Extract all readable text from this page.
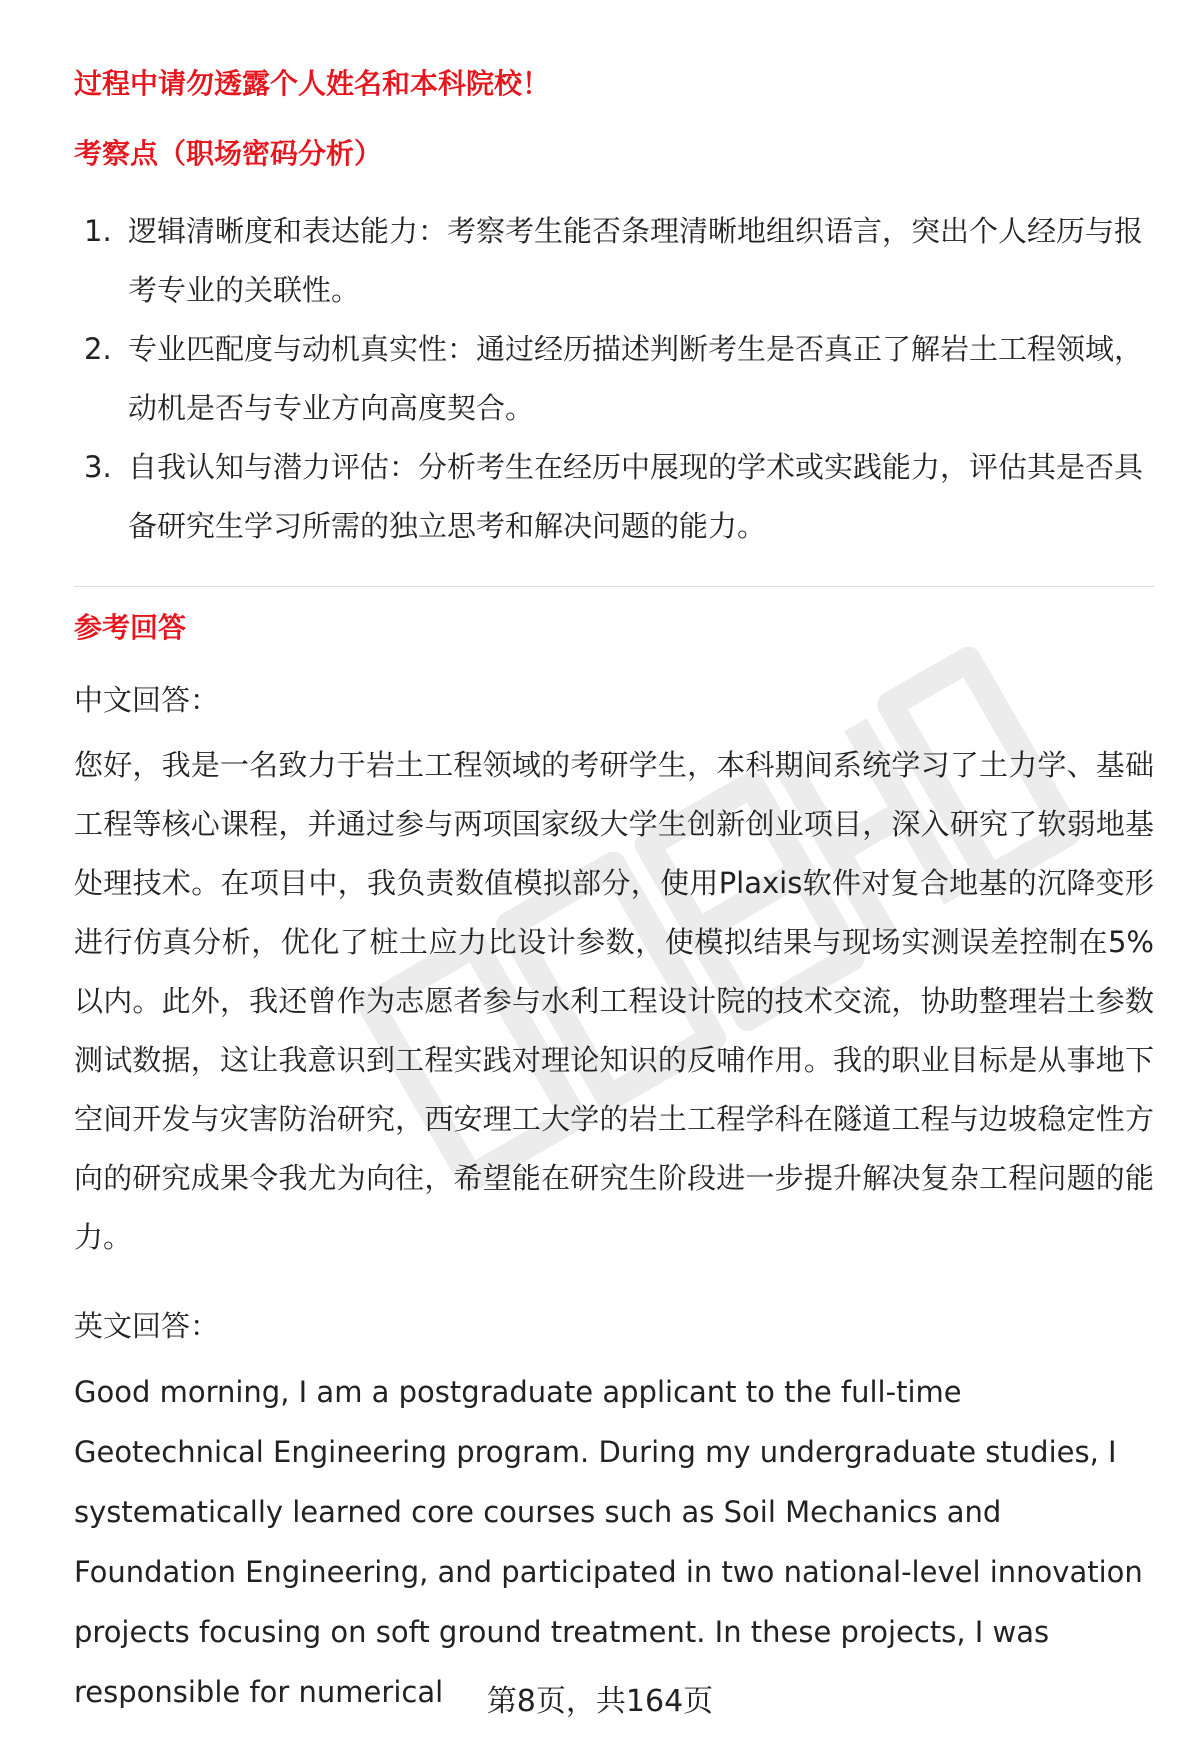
过程中请勿透露个人姓名和本科院校！
考察点（职场密码分析）
1. 逻辑清晰度和表达能力：考察考生能否条理清晰地组织语言，突出个人经历与报考专业的关联性。
2. 专业匹配度与动机真实性：通过经历描述判断考生是否真正了解岩土工程领域，动机是否与专业方向高度契合。
3. 自我认知与潜力评估：分析考生在经历中展现的学术或实践能力，评估其是否具备研究生学习所需的独立思考和解决问题的能力。
参考回答
中文回答：
您好，我是一名致力于岩土工程领域的考研学生，本科期间系统学习了土力学、基础工程等核心课程，并通过参与两项国家级大学生创新创业项目，深入研究了软弱地基处理技术。在项目中，我负责数值模拟部分，使用Plaxis软件对复合地基的沉降变形进行仿真分析，优化了桩土应力比设计参数，使模拟结果与现场实测误差控制在5%以内。此外，我还曾作为志愿者参与水利工程设计院的技术交流，协助整理岩土参数测试数据，这让我意识到工程实践对理论知识的反哺作用。我的职业目标是从事地下空间开发与灾害防治研究，西安理工大学的岩土工程学科在隧道工程与边坡稳定性方向的研究成果令我尤为向往，希望能在研究生阶段进一步提升解决复杂工程问题的能力。
英文回答：
Good morning, I am a postgraduate applicant to the full-time Geotechnical Engineering program. During my undergraduate studies, I systematically learned core courses such as Soil Mechanics and Foundation Engineering, and participated in two national-level innovation projects focusing on soft ground treatment. In these projects, I was responsible for numerical	第8页，共164页
